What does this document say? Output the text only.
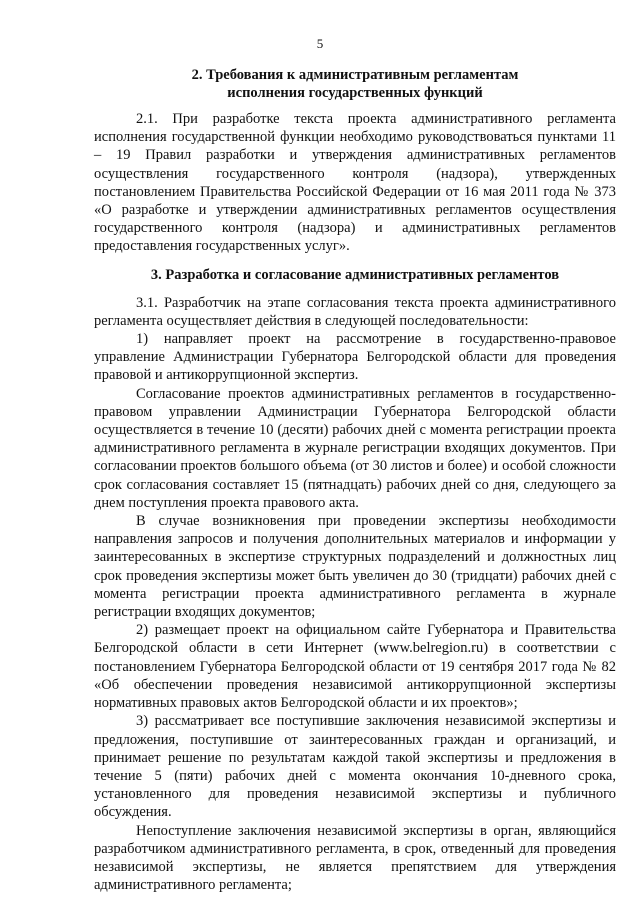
5
2. Требования к административным регламентам
исполнения государственных функций

2.1. При разработке текста проекта административного регламента исполнения государственной функции необходимо руководствоваться пунктами 11 – 19 Правил разработки и утверждения административных регламентов осуществления государственного контроля (надзора), утвержденных постановлением Правительства Российской Федерации от 16 мая 2011 года № 373 «О разработке и утверждении административных регламентов осуществления государственного контроля (надзора) и административных регламентов предоставления государственных услуг».

3. Разработка и согласование административных регламентов

3.1. Разработчик на этапе согласования текста проекта административного регламента осуществляет действия в следующей последовательности:

1) направляет проект на рассмотрение в государственно-правовое управление Администрации Губернатора Белгородской области для проведения правовой и антикоррупционной экспертиз.

Согласование проектов административных регламентов в государственно-правовом управлении Администрации Губернатора Белгородской области осуществляется в течение 10 (десяти) рабочих дней с момента регистрации проекта административного регламента в журнале регистрации входящих документов. При согласовании проектов большого объема (от 30 листов и более) и особой сложности срок согласования составляет 15 (пятнадцать) рабочих дней со дня, следующего за днем поступления проекта правового акта.

В случае возникновения при проведении экспертизы необходимости направления запросов и получения дополнительных материалов и информации у заинтересованных в экспертизе структурных подразделений и должностных лиц срок проведения экспертизы может быть увеличен до 30 (тридцати) рабочих дней с момента регистрации проекта административного регламента в журнале регистрации входящих документов;

2) размещает проект на официальном сайте Губернатора и Правительства Белгородской области в сети Интернет (www.belregion.ru) в соответствии с постановлением Губернатора Белгородской области от 19 сентября 2017 года № 82 «Об обеспечении проведения независимой антикоррупционной экспертизы нормативных правовых актов Белгородской области и их проектов»;

3) рассматривает все поступившие заключения независимой экспертизы и предложения, поступившие от заинтересованных граждан и организаций, и принимает решение по результатам каждой такой экспертизы и предложения в течение 5 (пяти) рабочих дней с момента окончания 10-дневного срока, установленного для проведения независимой экспертизы и публичного обсуждения.

Непоступление заключения независимой экспертизы в орган, являющийся разработчиком административного регламента, в срок, отведенный для проведения независимой экспертизы, не является препятствием для утверждения административного регламента;
